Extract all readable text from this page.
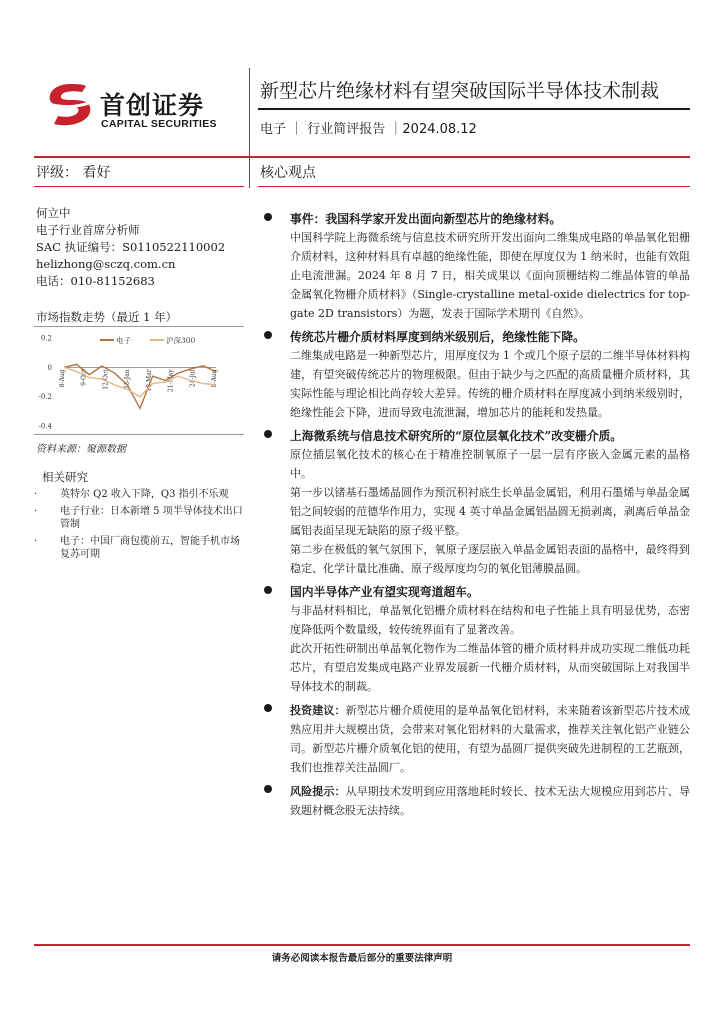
首创证券
CAPITAL SECURITIES
新型芯片绝缘材料有望突破国际半导体技术制裁
电子 ｜ 行业简评报告 ｜2024.08.12
评级： 看好	核心观点
何立中
电子行业首席分析师
SAC 执证编号：S0110522110002
helizhong@sczq.com.cn
电话：010-81152683
市场指数走势（最近 1 年）
0.2
0
-0.2
-0.4
8-Aug 9-Oct 12-Oct 15-Jan 18-Mar 21-May 24-Jul 8-Aug
电子	沪深300
资料来源：聚源数据
相关研究
· 英特尔 Q2 收入下降，Q3 指引不乐观
· 电子行业：日本新增 5 项半导体技术出口管制
· 电子：中国厂商包揽前五，智能手机市场复苏可期
事件：我国科学家开发出面向新型芯片的绝缘材料。

中国科学院上海微系统与信息技术研究所开发出面向二维集成电路的单晶氧化铝栅介质材料，这种材料具有卓越的绝缘性能，即使在厚度仅为 1 纳米时，也能有效阻止电流泄漏。2024 年 8 月 7 日，相关成果以《面向顶栅结构二维晶体管的单晶金属氧化物栅介质材料》（Single-crystalline metal-oxide dielectrics for top-gate 2D transistors）为题，发表于国际学术期刊《自然》。

传统芯片栅介质材料厚度到纳米级别后，绝缘性能下降。

二维集成电路是一种新型芯片，用厚度仅为 1 个或几个原子层的二维半导体材料构建，有望突破传统芯片的物理极限。但由于缺少与之匹配的高质量栅介质材料，其实际性能与理论相比尚存较大差异。传统的栅介质材料在厚度减小到纳米级别时，绝缘性能会下降，进而导致电流泄漏，增加芯片的能耗和发热量。

上海微系统与信息技术研究所的“原位层氧化技术”改变栅介质。

原位插层氧化技术的核心在于精准控制氧原子一层一层有序嵌入金属元素的晶格中。

第一步以锗基石墨烯晶圆作为预沉积衬底生长单晶金属铝，利用石墨烯与单晶金属铝之间较弱的范德华作用力，实现 4 英寸单晶金属铝晶圆无损剥离，剥离后单晶金属铝表面呈现无缺陷的原子级平整。

第二步在极低的氧气氛围下，氧原子逐层嵌入单晶金属铝表面的晶格中，最终得到稳定、化学计量比准确、原子级厚度均匀的氧化铝薄膜晶圆。

国内半导体产业有望实现弯道超车。

与非晶材料相比，单晶氧化铝栅介质材料在结构和电子性能上具有明显优势，态密度降低两个数量级，较传统界面有了显著改善。

此次开拓性研制出单晶氧化物作为二维晶体管的栅介质材料并成功实现二维低功耗芯片，有望启发集成电路产业界发展新一代栅介质材料，从而突破国际上对我国半导体技术的制裁。

投资建议：新型芯片栅介质使用的是单晶氧化铝材料，未来随着该新型芯片技术成熟应用并大规模出货，会带来对氧化铝材料的大量需求，推荐关注氧化铝产业链公司。新型芯片栅介质氧化铝的使用，有望为晶圆厂提供突破先进制程的工艺瓶颈，我们也推荐关注晶圆厂。

风险提示：从早期技术发明到应用落地耗时较长、技术无法大规模应用到芯片、导致题材概念股无法持续。

请务必阅读本报告最后部分的重要法律声明
